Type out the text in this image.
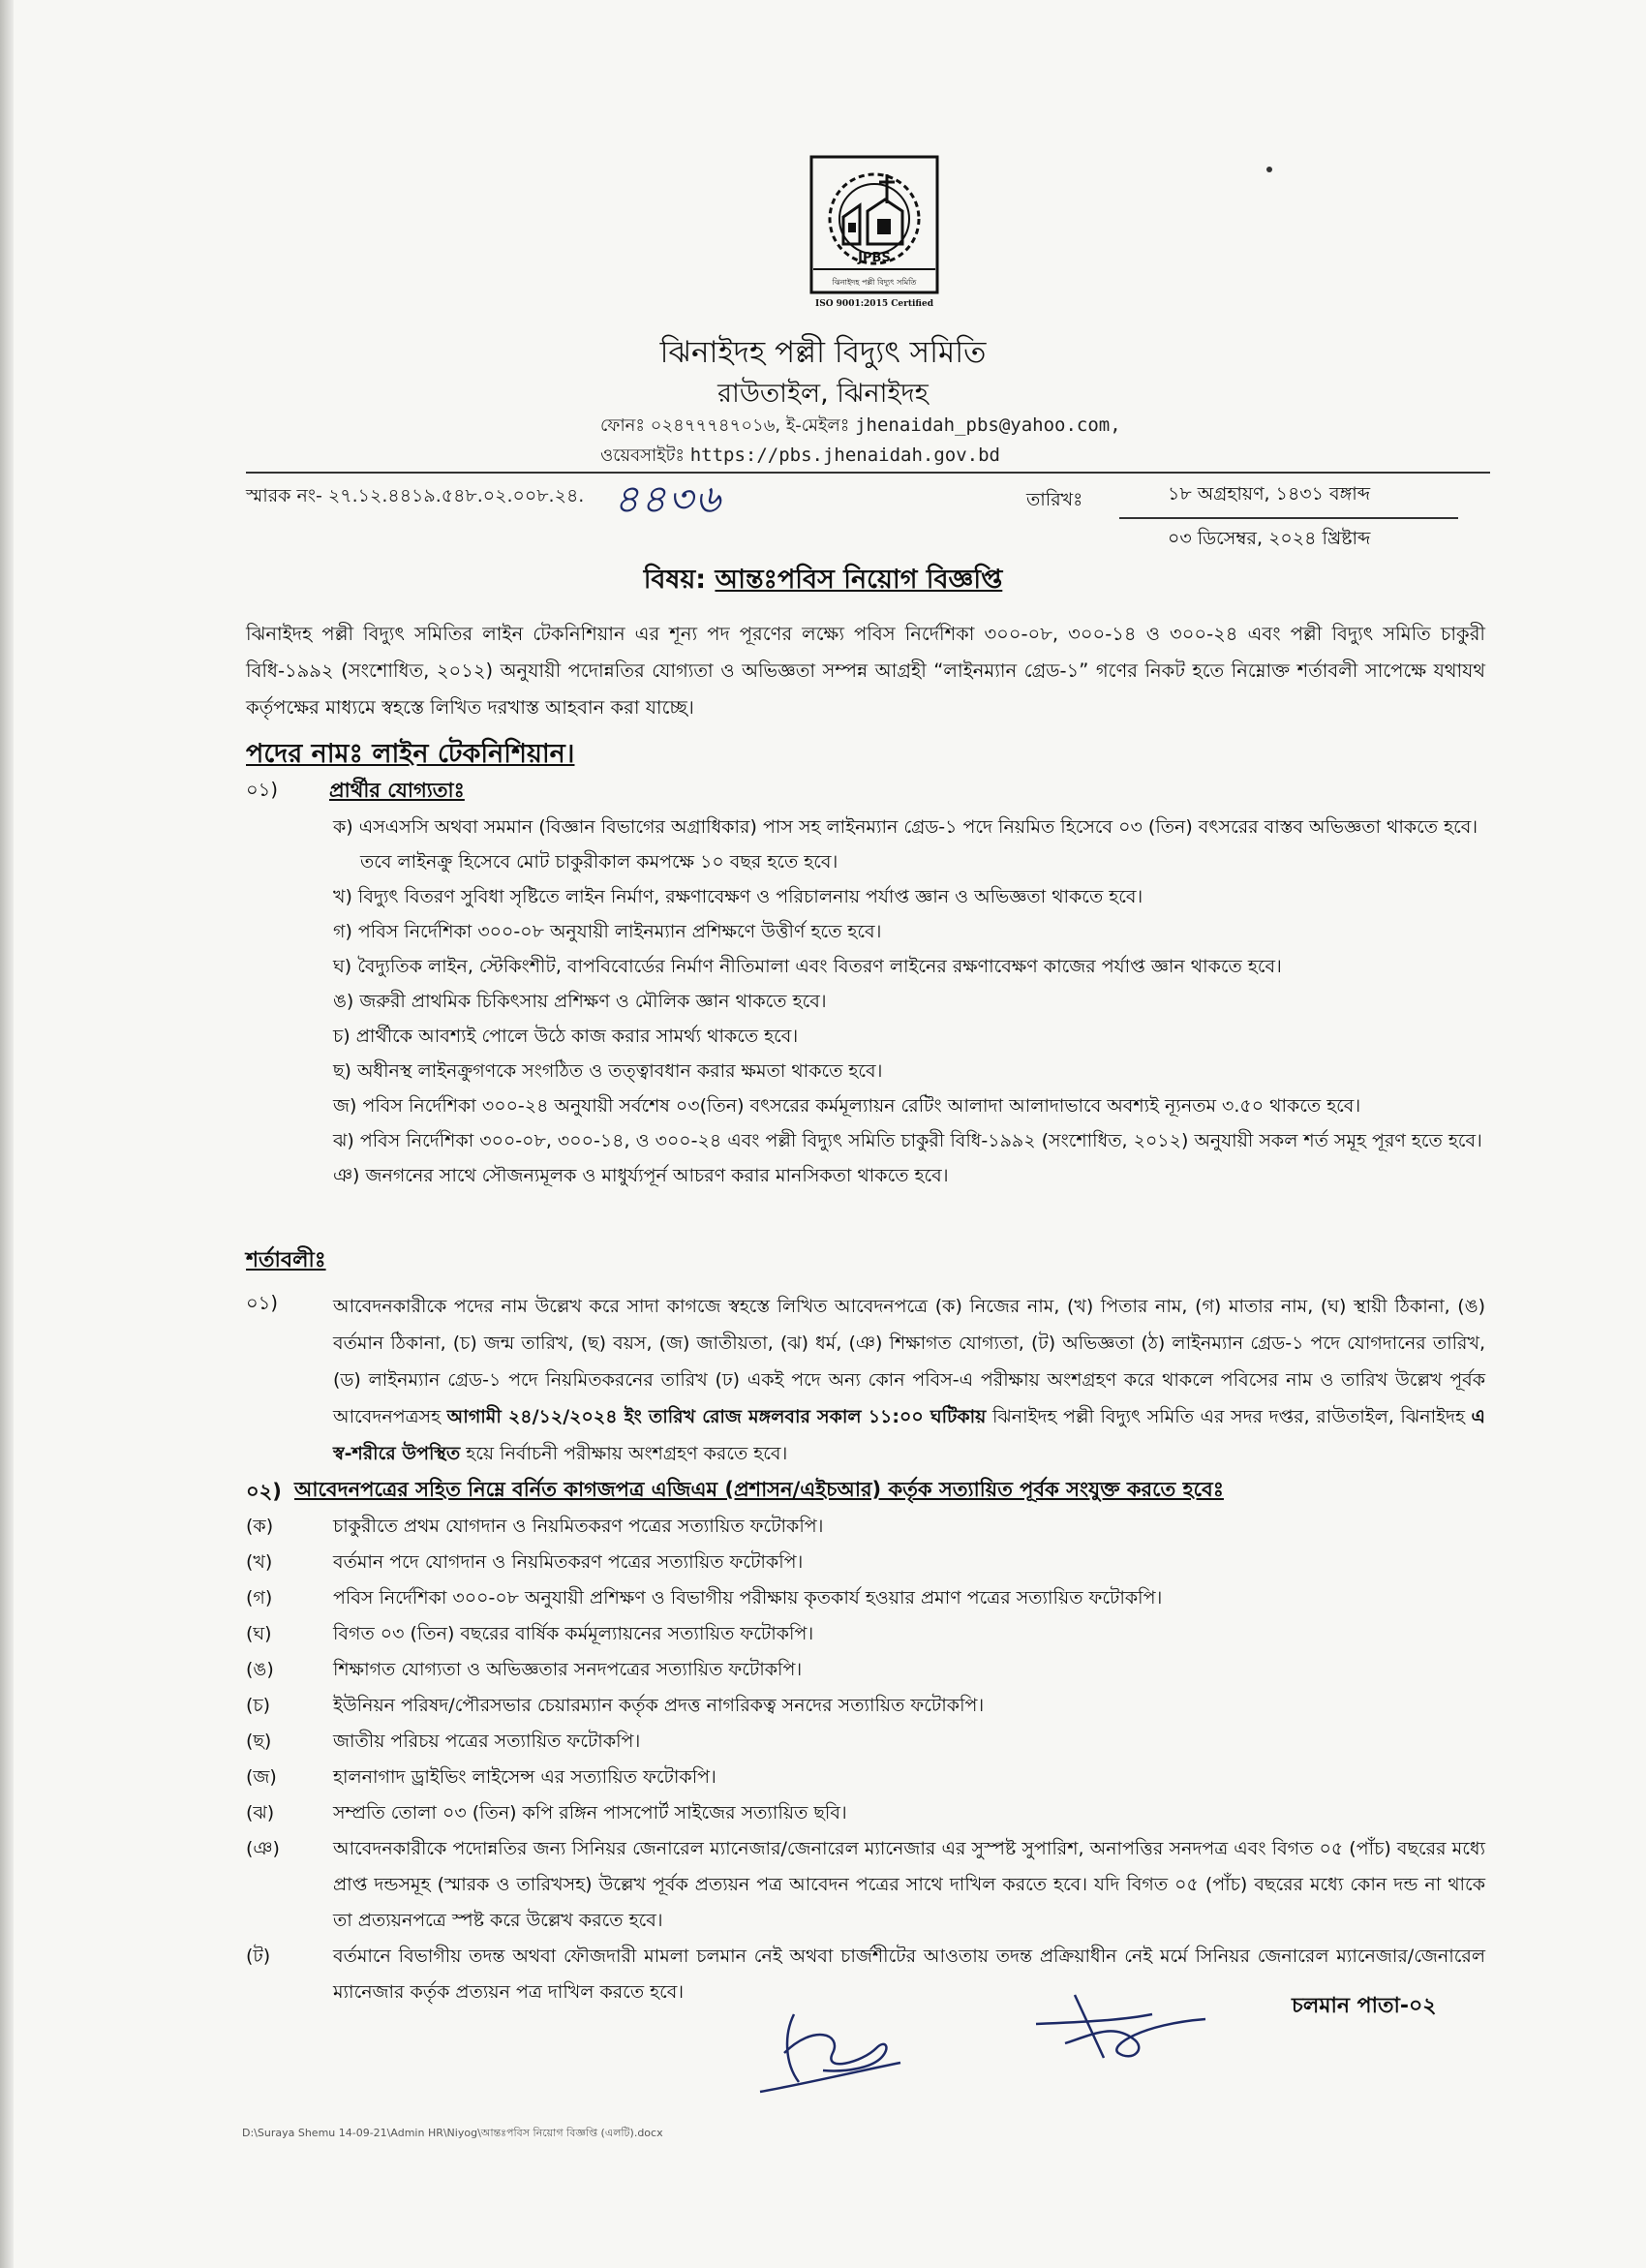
JPBS
ঝিনাইদহ পল্লী বিদ্যুৎ সমিতি
ISO 9001:2015 Certified
ঝিনাইদহ পল্লী বিদ্যুৎ সমিতি
রাউতাইল, ঝিনাইদহ
ফোনঃ ০২৪৭৭৭৪৭০১৬, ই-মেইলঃ jhenaidah_pbs@yahoo.com,
ওয়েবসাইটঃ https://pbs.jhenaidah.gov.bd
স্মারক নং- ২৭.১২.৪৪১৯.৫৪৮.০২.০০৮.২৪. ৪৪৩৬	তারিখঃ	১৮ অগ্রহায়ণ, ১৪৩১ বঙ্গাব্দ
০৩ ডিসেম্বর, ২০২৪ খ্রিষ্টাব্দ
বিষয়: আন্তঃপবিস নিয়োগ বিজ্ঞপ্তি
ঝিনাইদহ পল্লী বিদ্যুৎ সমিতির লাইন টেকনিশিয়ান এর শূন্য পদ পূরণের লক্ষ্যে পবিস নির্দেশিকা ৩০০-০৮, ৩০০-১৪ ও ৩০০-২৪ এবং পল্লী বিদ্যুৎ সমিতি চাকুরী বিধি-১৯৯২ (সংশোধিত, ২০১২) অনুযায়ী পদোন্নতির যোগ্যতা ও অভিজ্ঞতা সম্পন্ন আগ্রহী “লাইনম্যান গ্রেড-১” গণের নিকট হতে নিম্নোক্ত শর্তাবলী সাপেক্ষে যথাযথ কর্তৃপক্ষের মাধ্যমে স্বহস্তে লিখিত দরখাস্ত আহবান করা যাচ্ছে।
পদের নামঃ লাইন টেকনিশিয়ান।
০১)	প্রার্থীর যোগ্যতাঃ
ক) এসএসসি অথবা সমমান (বিজ্ঞান বিভাগের অগ্রাধিকার) পাস সহ লাইনম্যান গ্রেড-১ পদে নিয়মিত হিসেবে ০৩ (তিন) বৎসরের বাস্তব অভিজ্ঞতা থাকতে হবে। তবে লাইনক্রু হিসেবে মোট চাকুরীকাল কমপক্ষে ১০ বছর হতে হবে।
খ) বিদ্যুৎ বিতরণ সুবিধা সৃষ্টিতে লাইন নির্মাণ, রক্ষণাবেক্ষণ ও পরিচালনায় পর্যাপ্ত জ্ঞান ও অভিজ্ঞতা থাকতে হবে।
গ) পবিস নির্দেশিকা ৩০০-০৮ অনুযায়ী লাইনম্যান প্রশিক্ষণে উত্তীর্ণ হতে হবে।
ঘ) বৈদ্যুতিক লাইন, স্টেকিংশীট, বাপবিবোর্ডের নির্মাণ নীতিমালা এবং বিতরণ লাইনের রক্ষণাবেক্ষণ কাজের পর্যাপ্ত জ্ঞান থাকতে হবে।
ঙ) জরুরী প্রাথমিক চিকিৎসায় প্রশিক্ষণ ও মৌলিক জ্ঞান থাকতে হবে।
চ) প্রার্থীকে আবশ্যই পোলে উঠে কাজ করার সামর্থ্য থাকতে হবে।
ছ) অধীনস্থ লাইনক্রুগণকে সংগঠিত ও তত্ত্বাবধান করার ক্ষমতা থাকতে হবে।
জ) পবিস নির্দেশিকা ৩০০-২৪ অনুযায়ী সর্বশেষ ০৩(তিন) বৎসরের কর্মমূল্যায়ন রেটিং আলাদা আলাদাভাবে অবশ্যই ন্যূনতম ৩.৫০ থাকতে হবে।
ঝ) পবিস নির্দেশিকা ৩০০-০৮, ৩০০-১৪, ও ৩০০-২৪ এবং পল্লী বিদ্যুৎ সমিতি চাকুরী বিধি-১৯৯২ (সংশোধিত, ২০১২) অনুযায়ী সকল শর্ত সমূহ পূরণ হতে হবে।
ঞ) জনগনের সাথে সৌজন্যমূলক ও মাধুর্য্যপূর্ন আচরণ করার মানসিকতা থাকতে হবে।
শর্তাবলীঃ
০১)	আবেদনকারীকে পদের নাম উল্লেখ করে সাদা কাগজে স্বহস্তে লিখিত আবেদনপত্রে (ক) নিজের নাম, (খ) পিতার নাম, (গ) মাতার নাম, (ঘ) স্থায়ী ঠিকানা, (ঙ) বর্তমান ঠিকানা, (চ) জন্ম তারিখ, (ছ) বয়স, (জ) জাতীয়তা, (ঝ) ধর্ম, (ঞ) শিক্ষাগত যোগ্যতা, (ট) অভিজ্ঞতা (ঠ) লাইনম্যান গ্রেড-১ পদে যোগদানের তারিখ, (ড) লাইনম্যান গ্রেড-১ পদে নিয়মিতকরনের তারিখ (ঢ) একই পদে অন্য কোন পবিস-এ পরীক্ষায় অংশগ্রহণ করে থাকলে পবিসের নাম ও তারিখ উল্লেখ পূর্বক আবেদনপত্রসহ আগামী ২৪/১২/২০২৪ ইং তারিখ রোজ মঙ্গলবার সকাল ১১:০০ ঘটিকায় ঝিনাইদহ পল্লী বিদ্যুৎ সমিতি এর সদর দপ্তর, রাউতাইল, ঝিনাইদহ এ স্ব-শরীরে উপস্থিত হয়ে নির্বাচনী পরীক্ষায় অংশগ্রহণ করতে হবে।
০২) আবেদনপত্রের সহিত নিম্নে বর্নিত কাগজপত্র এজিএম (প্রশাসন/এইচআর) কর্তৃক সত্যায়িত পূর্বক সংযুক্ত করতে হবেঃ
(ক)	চাকুরীতে প্রথম যোগদান ও নিয়মিতকরণ পত্রের সত্যায়িত ফটোকপি।
(খ)	বর্তমান পদে যোগদান ও নিয়মিতকরণ পত্রের সত্যায়িত ফটোকপি।
(গ)	পবিস নির্দেশিকা ৩০০-০৮ অনুযায়ী প্রশিক্ষণ ও বিভাগীয় পরীক্ষায় কৃতকার্য হওয়ার প্রমাণ পত্রের সত্যায়িত ফটোকপি।
(ঘ)	বিগত ০৩ (তিন) বছরের বার্ষিক কর্মমূল্যায়নের সত্যায়িত ফটোকপি।
(ঙ)	শিক্ষাগত যোগ্যতা ও অভিজ্ঞতার সনদপত্রের সত্যায়িত ফটোকপি।
(চ)	ইউনিয়ন পরিষদ/পৌরসভার চেয়ারম্যান কর্তৃক প্রদত্ত নাগরিকত্ব সনদের সত্যায়িত ফটোকপি।
(ছ)	জাতীয় পরিচয় পত্রের সত্যায়িত ফটোকপি।
(জ)	হালনাগাদ ড্রাইভিং লাইসেন্স এর সত্যায়িত ফটোকপি।
(ঝ)	সম্প্রতি তোলা ০৩ (তিন) কপি রঙ্গিন পাসপোর্ট সাইজের সত্যায়িত ছবি।
(ঞ)	আবেদনকারীকে পদোন্নতির জন্য সিনিয়র জেনারেল ম্যানেজার/জেনারেল ম্যানেজার এর সুস্পষ্ট সুপারিশ, অনাপত্তির সনদপত্র এবং বিগত ০৫ (পাঁচ) বছরের মধ্যে প্রাপ্ত দন্ডসমূহ (স্মারক ও তারিখসহ) উল্লেখ পূর্বক প্রত্যয়ন পত্র আবেদন পত্রের সাথে দাখিল করতে হবে। যদি বিগত ০৫ (পাঁচ) বছরের মধ্যে কোন দন্ড না থাকে তা প্রত্যয়নপত্রে স্পষ্ট করে উল্লেখ করতে হবে।
(ট)	বর্তমানে বিভাগীয় তদন্ত অথবা ফৌজদারী মামলা চলমান নেই অথবা চার্জশীটের আওতায় তদন্ত প্রক্রিয়াধীন নেই মর্মে সিনিয়র জেনারেল ম্যানেজার/জেনারেল ম্যানেজার কর্তৃক প্রত্যয়ন পত্র দাখিল করতে হবে।
চলমান পাতা-০২
D:\Suraya Shemu 14-09-21\Admin HR\Niyog\আন্তঃপবিস নিয়োগ বিজ্ঞপ্তি (এলটি).docx
